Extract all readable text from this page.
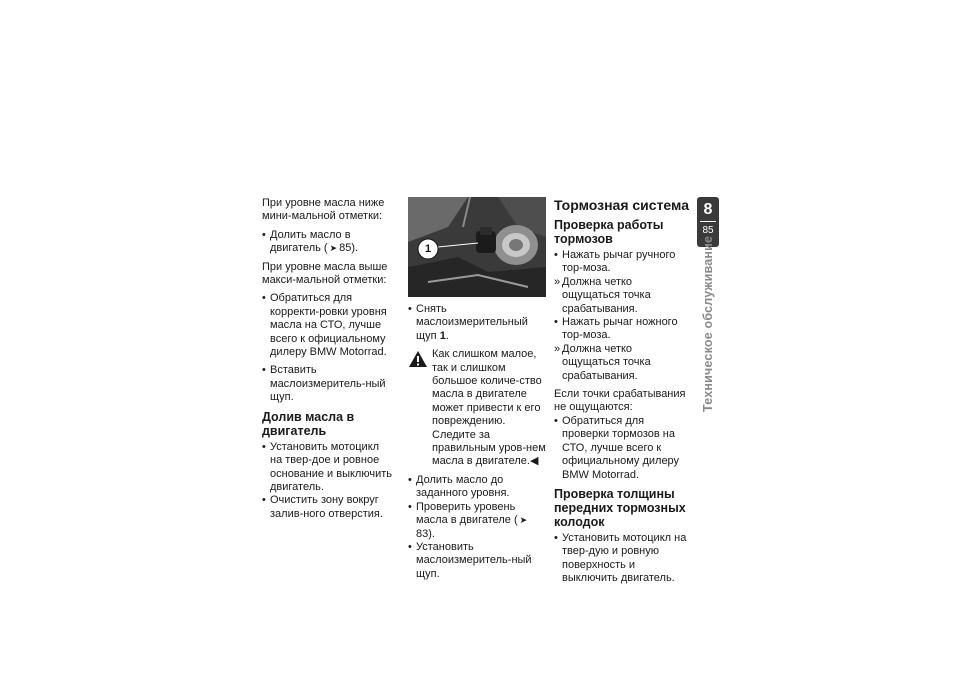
При уровне масла ниже мини-мальной отметки:

• Долить масло в двигатель ( ➤ 85).

При уровне масла выше макси-мальной отметки:

• Обратиться для корректи-ровки уровня масла на СТО, лучше всего к официальному дилеру BMW Motorrad.
• Вставить маслоизмеритель-ный щуп.
Долив масла в двигатель
• Установить мотоцикл на твер-дое и ровное основание и выключить двигатель.
• Очистить зону вокруг залив-ного отверстия.
1
• Снять маслоизмерительный щуп 1.
Как слишком малое, так и слишком большое количе-ство масла в двигателе может привести к его повреждению. Следите за правильным уров-нем масла в двигателе.◀
• Долить масло до заданного уровня.
• Проверить уровень масла в двигателе ( ➤83).
• Установить маслоизмеритель-ный щуп.
Тормозная система
Проверка работы тормозов
• Нажать рычаг ручного тор-моза.
» Должна четко ощущаться точка срабатывания.
• Нажать рычаг ножного тор-моза.
» Должна четко ощущаться точка срабатывания.

Если точки срабатывания не ощущаются:

• Обратиться для проверки тормозов на СТО, лучше всего к официальному дилеру BMW Motorrad.
Проверка толщины передних тормозных колодок
• Установить мотоцикл на твер-дую и ровную поверхность и выключить двигатель.
8
85
Техническое обслуживание
